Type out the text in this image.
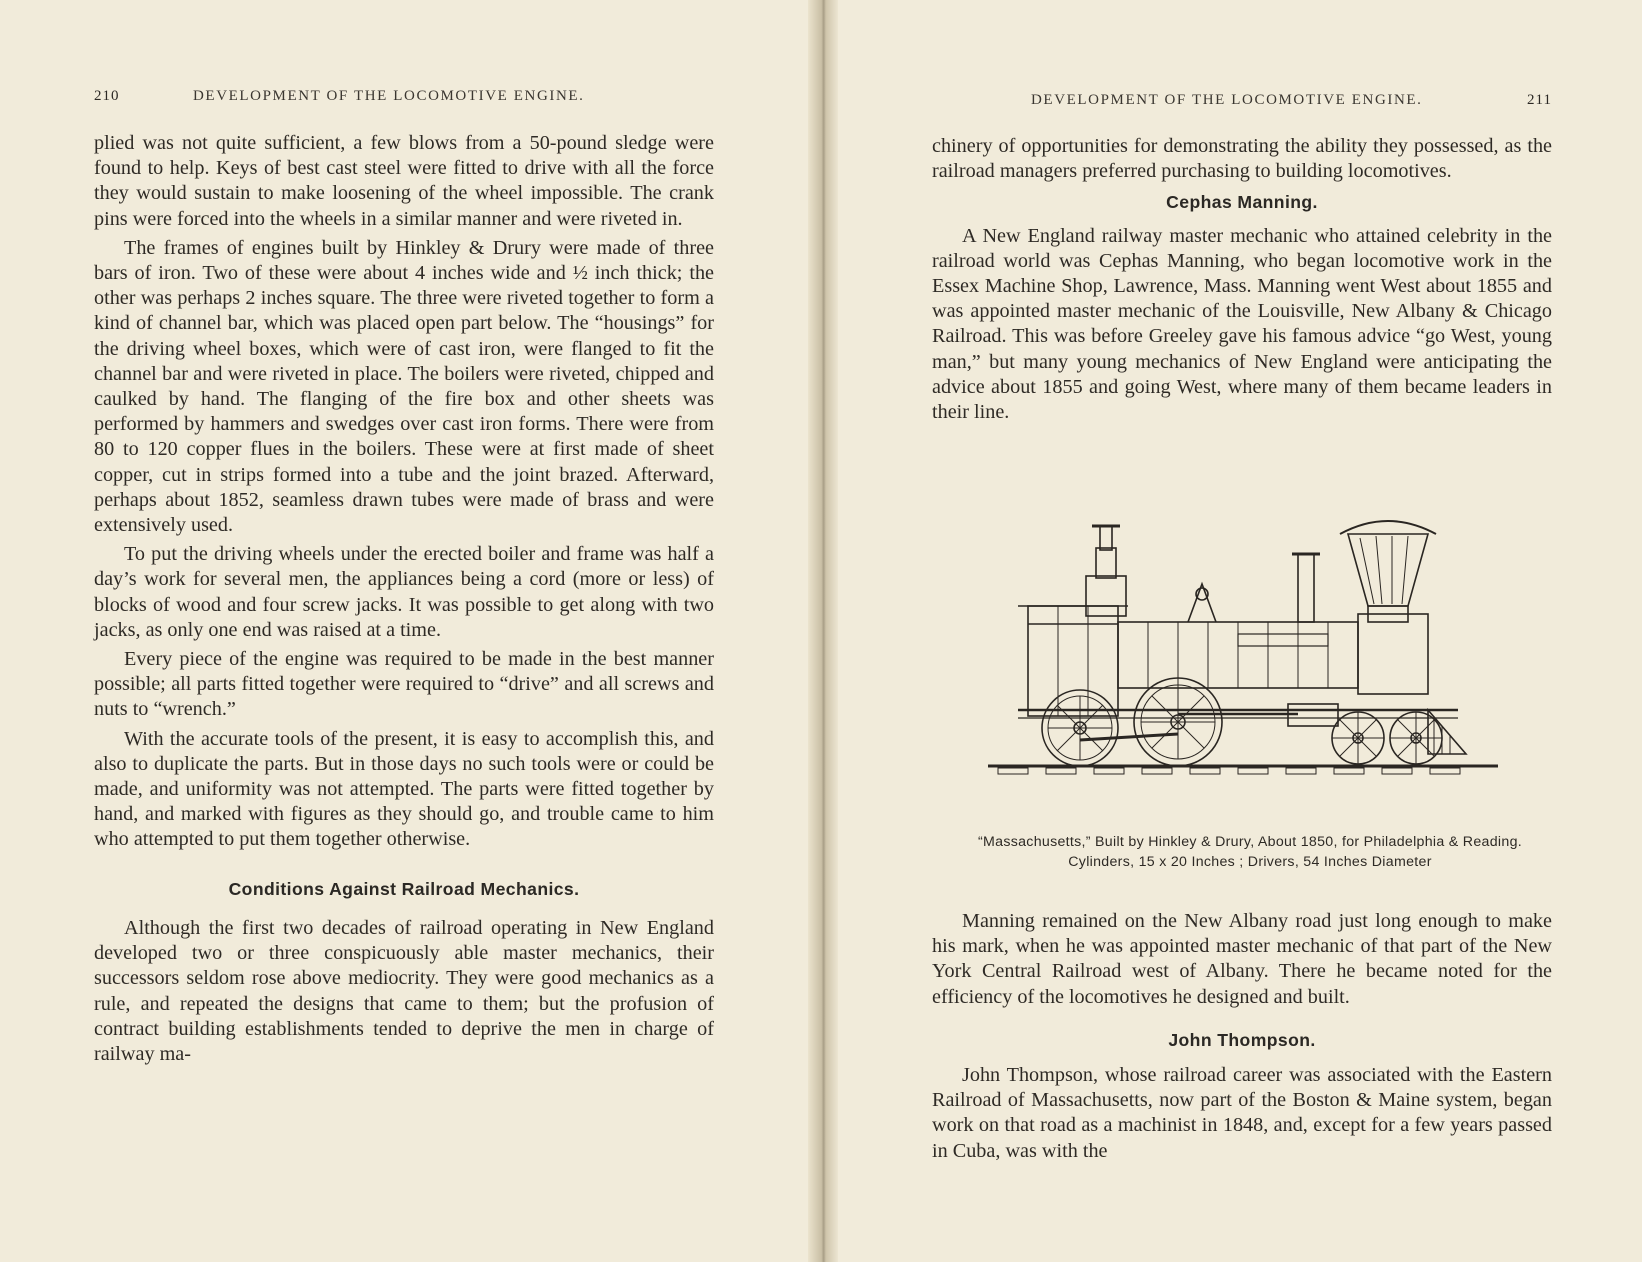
210	DEVELOPMENT OF THE LOCOMOTIVE ENGINE.

plied was not quite sufficient, a few blows from a 50-pound sledge were found to help. Keys of best cast steel were fitted to drive with all the force they would sustain to make loosening of the wheel impossible. The crank pins were forced into the wheels in a similar manner and were riveted in.

The frames of engines built by Hinkley & Drury were made of three bars of iron. Two of these were about 4 inches wide and ½ inch thick; the other was perhaps 2 inches square. The three were riveted together to form a kind of channel bar, which was placed open part below. The “housings” for the driving wheel boxes, which were of cast iron, were flanged to fit the channel bar and were riveted in place. The boilers were riveted, chipped and caulked by hand. The flanging of the fire box and other sheets was performed by hammers and swedges over cast iron forms. There were from 80 to 120 copper flues in the boilers. These were at first made of sheet copper, cut in strips formed into a tube and the joint brazed. Afterward, perhaps about 1852, seamless drawn tubes were made of brass and were extensively used.

To put the driving wheels under the erected boiler and frame was half a day’s work for several men, the appliances being a cord (more or less) of blocks of wood and four screw jacks. It was possible to get along with two jacks, as only one end was raised at a time.

Every piece of the engine was required to be made in the best manner possible; all parts fitted together were required to “drive” and all screws and nuts to “wrench.”

With the accurate tools of the present, it is easy to accomplish this, and also to duplicate the parts. But in those days no such tools were or could be made, and uniformity was not attempted. The parts were fitted together by hand, and marked with figures as they should go, and trouble came to him who attempted to put them together otherwise.

Conditions Against Railroad Mechanics.

Although the first two decades of railroad operating in New England developed two or three conspicuously able master mechanics, their successors seldom rose above mediocrity. They were good mechanics as a rule, and repeated the designs that came to them; but the profusion of contract building establishments tended to deprive the men in charge of railway ma-

DEVELOPMENT OF THE LOCOMOTIVE ENGINE.	211

chinery of opportunities for demonstrating the ability they possessed, as the railroad managers preferred purchasing to building locomotives.

Cephas Manning.

A New England railway master mechanic who attained celebrity in the railroad world was Cephas Manning, who began locomotive work in the Essex Machine Shop, Lawrence, Mass. Manning went West about 1855 and was appointed master mechanic of the Louisville, New Albany & Chicago Railroad. This was before Greeley gave his famous advice “go West, young man,” but many young mechanics of New England were anticipating the advice about 1855 and going West, where many of them became leaders in their line.

“Massachusetts,” Built by Hinkley & Drury, About 1850, for Philadelphia & Reading.
Cylinders, 15 x 20 Inches ; Drivers, 54 Inches Diameter

Manning remained on the New Albany road just long enough to make his mark, when he was appointed master mechanic of that part of the New York Central Railroad west of Albany. There he became noted for the efficiency of the locomotives he designed and built.

John Thompson.

John Thompson, whose railroad career was associated with the Eastern Railroad of Massachusetts, now part of the Boston & Maine system, began work on that road as a machinist in 1848, and, except for a few years passed in Cuba, was with the
